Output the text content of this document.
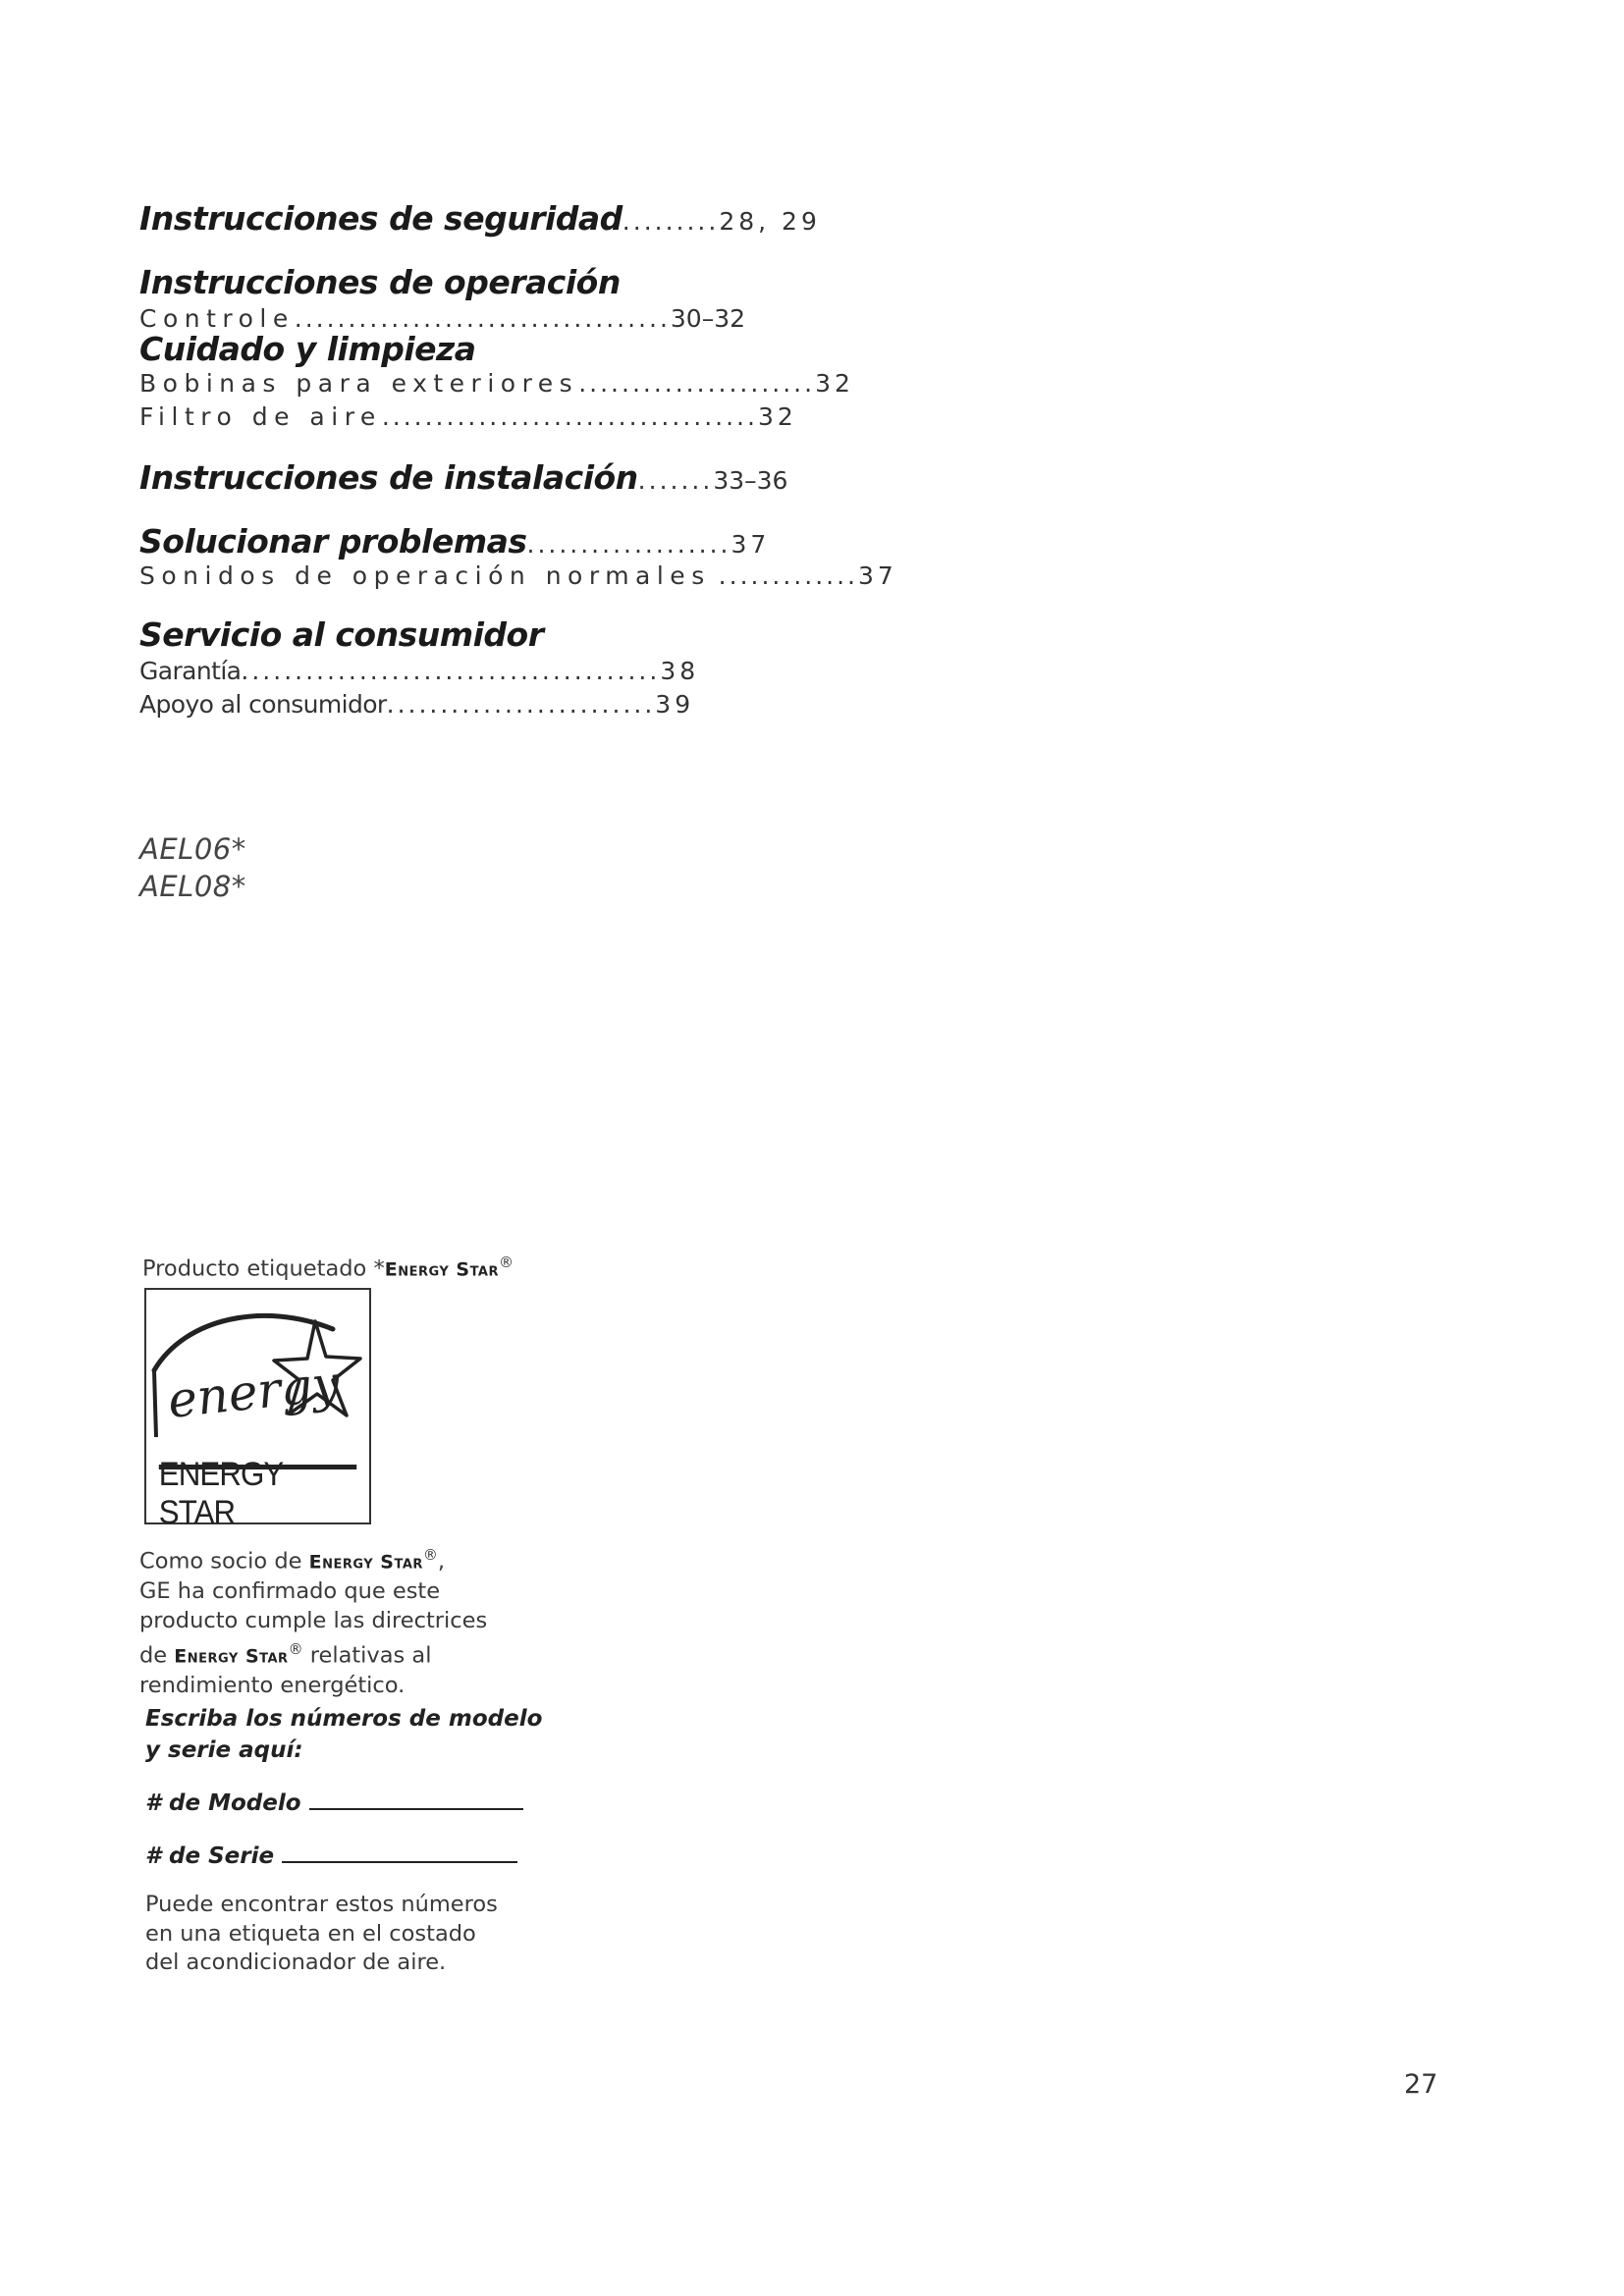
Instrucciones de seguridad.........28, 29
Instrucciones de operación
Controle...................................30–32
Cuidado y limpieza
Bobinas para exteriores......................32
Filtro de aire...................................32
Instrucciones de instalación.......33–36
Solucionar problemas...................37
Sonidos de operación normales .............37
Servicio al consumidor
Garantía.......................................38
Apoyo al consumidor.........................39
AEL06*
AEL08*
Producto etiquetado *Energy Star®
energy
ENERGY STAR
Como socio de Energy Star®,
GE ha confirmado que este
producto cumple las directrices
de Energy Star® relativas al
rendimiento energético.
Escriba los números de modelo
y serie aquí:
# de Modelo
# de Serie
Puede encontrar estos números
en una etiqueta en el costado
del acondicionador de aire.
27
